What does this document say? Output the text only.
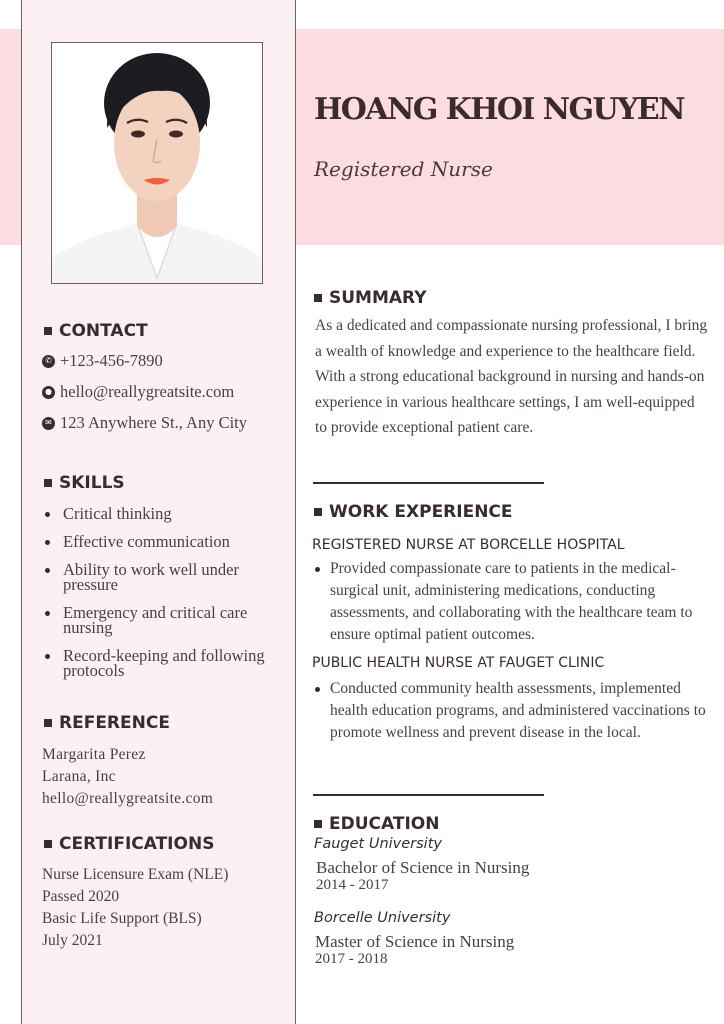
HOANG KHOI NGUYEN
Registered Nurse
CONTACT
✆ +123-456-7890
● hello@reallygreatsite.com
✉ 123 Anywhere St., Any City
SKILLS
Critical thinking
Effective communication
Ability to work well under pressure
Emergency and critical care nursing
Record-keeping and following protocols
REFERENCE
Margarita Perez
Larana, Inc
hello@reallygreatsite.com
CERTIFICATIONS
Nurse Licensure Exam (NLE)
Passed 2020
Basic Life Support (BLS)
July 2021
SUMMARY
As a dedicated and compassionate nursing professional, I bring a wealth of knowledge and experience to the healthcare field. With a strong educational background in nursing and hands-on experience in various healthcare settings, I am well-equipped to provide exceptional patient care.
WORK EXPERIENCE
REGISTERED NURSE AT BORCELLE HOSPITAL
Provided compassionate care to patients in the medical-surgical unit, administering medications, conducting assessments, and collaborating with the healthcare team to ensure optimal patient outcomes.
PUBLIC HEALTH NURSE AT FAUGET CLINIC
Conducted community health assessments, implemented health education programs, and administered vaccinations to promote wellness and prevent disease in the local.
EDUCATION
Fauget University
Bachelor of Science in Nursing
2014 - 2017
Borcelle University
Master of Science in Nursing
2017 - 2018
